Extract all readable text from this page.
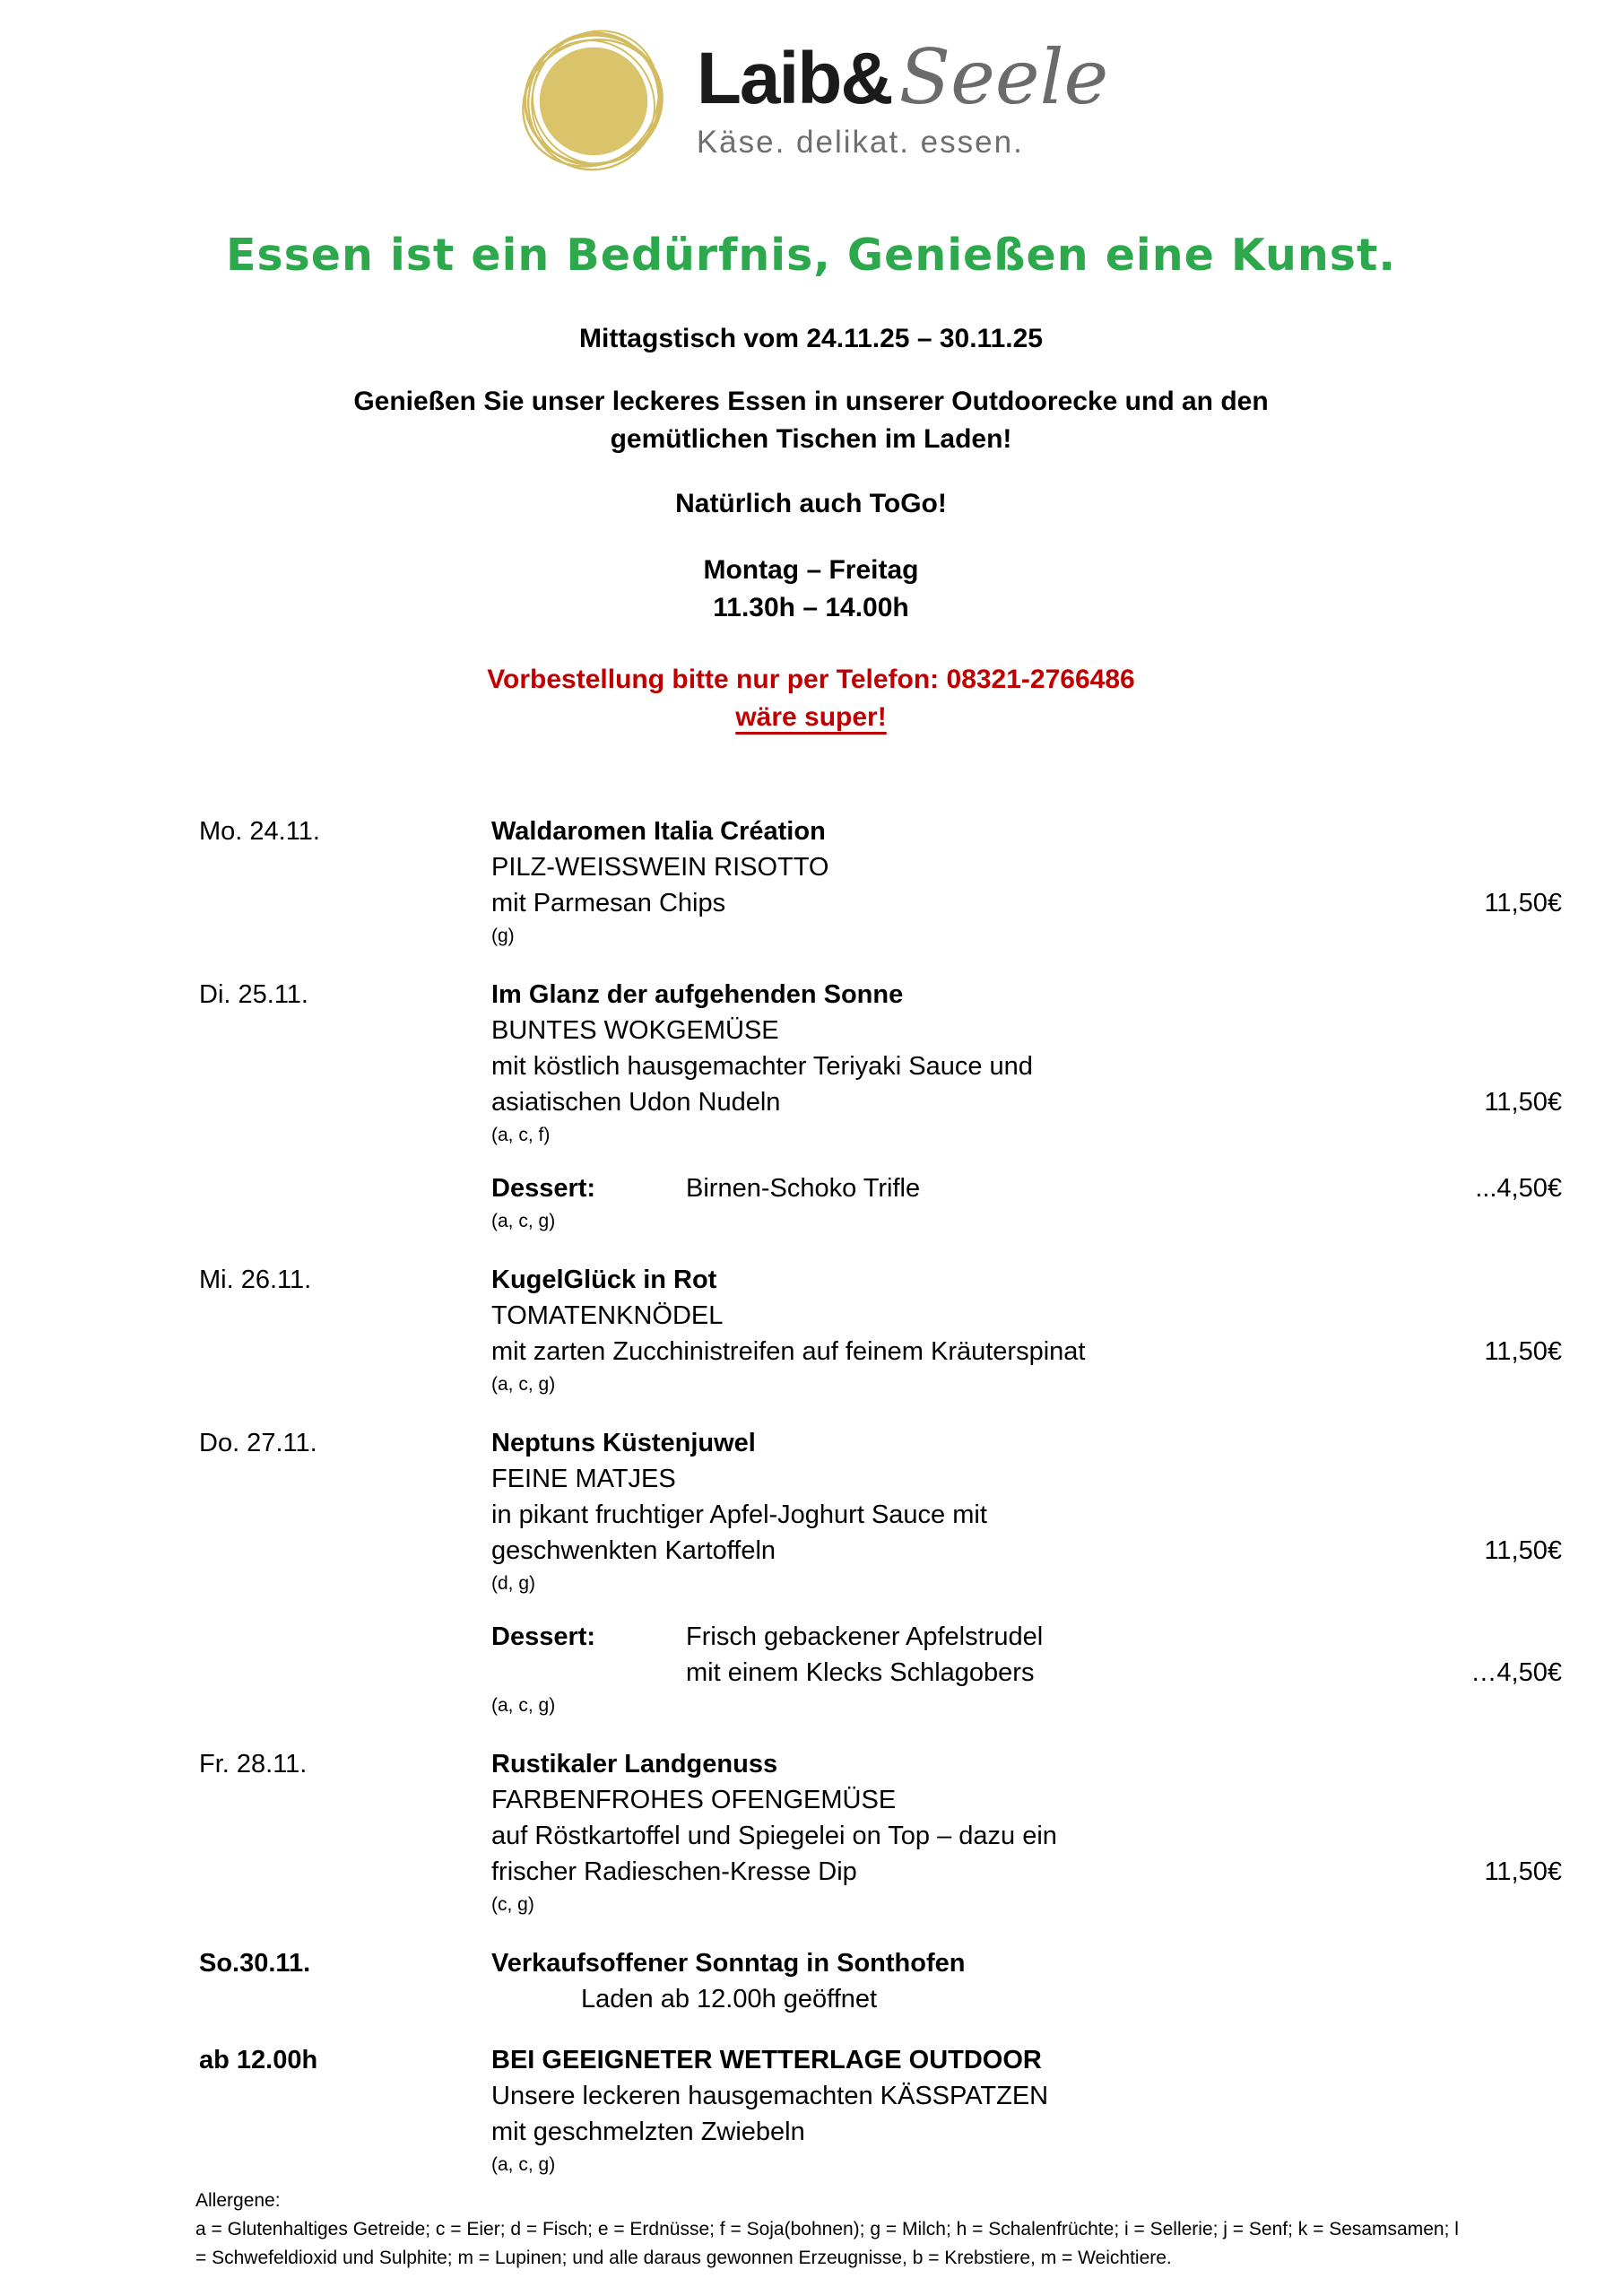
Laib& Seele
Käse. delikat. essen.
Essen ist ein Bedürfnis, Genießen eine Kunst.
Mittagstisch vom 24.11.25 – 30.11.25
Genießen Sie unser leckeres Essen in unserer Outdoorecke und an den
gemütlichen Tischen im Laden!
Natürlich auch ToGo!
Montag – Freitag
11.30h – 14.00h
Vorbestellung bitte nur per Telefon: 08321-2766486
wäre super!
Mo. 24.11.	Waldaromen Italia Création
PILZ-WEISSWEIN RISOTTO
mit Parmesan Chips	11,50€
(g)
Di. 25.11.	Im Glanz der aufgehenden Sonne
BUNTES WOKGEMÜSE
mit köstlich hausgemachter Teriyaki Sauce und
asiatischen Udon Nudeln	11,50€
(a, c, f)
Dessert:	Birnen-Schoko Trifle	...4,50€
(a, c, g)
Mi. 26.11.	KugelGlück in Rot
TOMATENKNÖDEL
mit zarten Zucchinistreifen auf feinem Kräuterspinat	11,50€
(a, c, g)
Do. 27.11.	Neptuns Küstenjuwel
FEINE MATJES
in pikant fruchtiger Apfel-Joghurt Sauce mit
geschwenkten Kartoffeln	11,50€
(d, g)
Dessert:	Frisch gebackener Apfelstrudel
mit einem Klecks Schlagobers	…4,50€
(a, c, g)
Fr. 28.11.	Rustikaler Landgenuss
FARBENFROHES OFENGEMÜSE
auf Röstkartoffel und Spiegelei on Top – dazu ein
frischer Radieschen-Kresse Dip	11,50€
(c, g)
So.30.11.	Verkaufsoffener Sonntag in Sonthofen
Laden ab 12.00h geöffnet
ab 12.00h	BEI GEEIGNETER WETTERLAGE OUTDOOR
Unsere leckeren hausgemachten KÄSSPATZEN
mit geschmelzten Zwiebeln
(a, c, g)
Allergene:
a = Glutenhaltiges Getreide; c = Eier; d = Fisch; e = Erdnüsse; f = Soja(bohnen); g = Milch; h = Schalenfrüchte; i = Sellerie; j = Senf; k = Sesamsamen; l
= Schwefeldioxid und Sulphite; m = Lupinen; und alle daraus gewonnen Erzeugnisse, b = Krebstiere, m = Weichtiere.
